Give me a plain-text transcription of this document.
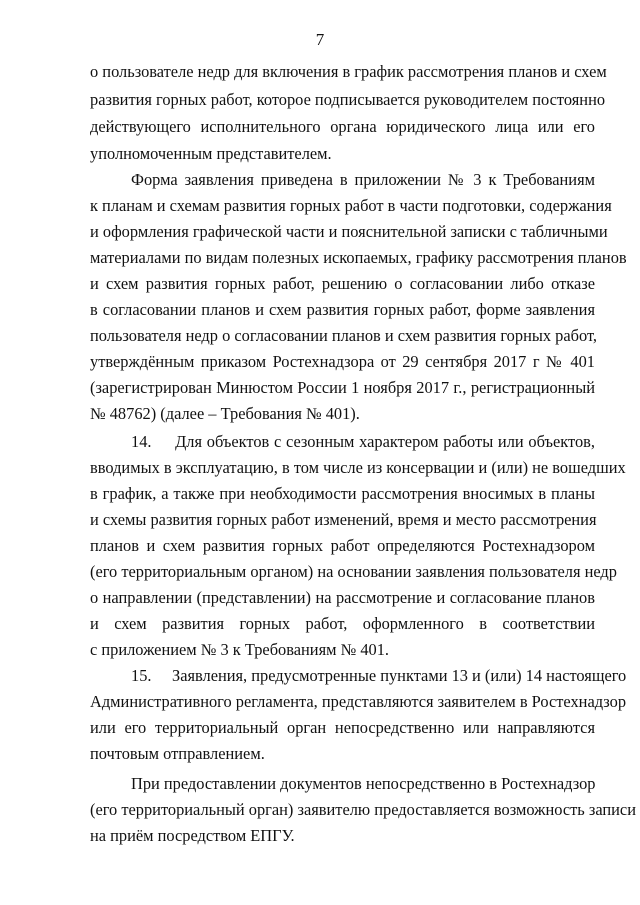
7
о пользователе недр для включения в график рассмотрения планов и схем
развития горных работ, которое подписывается руководителем постоянно
действующего исполнительного органа юридического лица или его
уполномоченным представителем.
Форма заявления приведена в приложении № 3 к Требованиям
к планам и схемам развития горных работ в части подготовки, содержания
и оформления графической части и пояснительной записки с табличными
материалами по видам полезных ископаемых, графику рассмотрения планов
и схем развития горных работ, решению о согласовании либо отказе
в согласовании планов и схем развития горных работ, форме заявления
пользователя недр о согласовании планов и схем развития горных работ,
утверждённым приказом Ростехнадзора от 29 сентября 2017 г № 401
(зарегистрирован Минюстом России 1 ноября 2017 г., регистрационный
№ 48762) (далее – Требования № 401).
14.     Для объектов с сезонным характером работы или объектов,
вводимых в эксплуатацию, в том числе из консервации и (или) не вошедших
в график, а также при необходимости рассмотрения вносимых в планы
и схемы развития горных работ изменений, время и место рассмотрения
планов и схем развития горных работ определяются Ростехнадзором
(его территориальным органом) на основании заявления пользователя недр
о направлении (представлении) на рассмотрение и согласование планов
и схем развития горных работ, оформленного в соответствии
с приложением № 3 к Требованиям № 401.
15.     Заявления, предусмотренные пунктами 13 и (или) 14 настоящего
Административного регламента, представляются заявителем в Ростехнадзор
или его территориальный орган непосредственно или направляются
почтовым отправлением.
При предоставлении документов непосредственно в Ростехнадзор
(его территориальный орган) заявителю предоставляется возможность записи
на приём посредством ЕПГУ.
